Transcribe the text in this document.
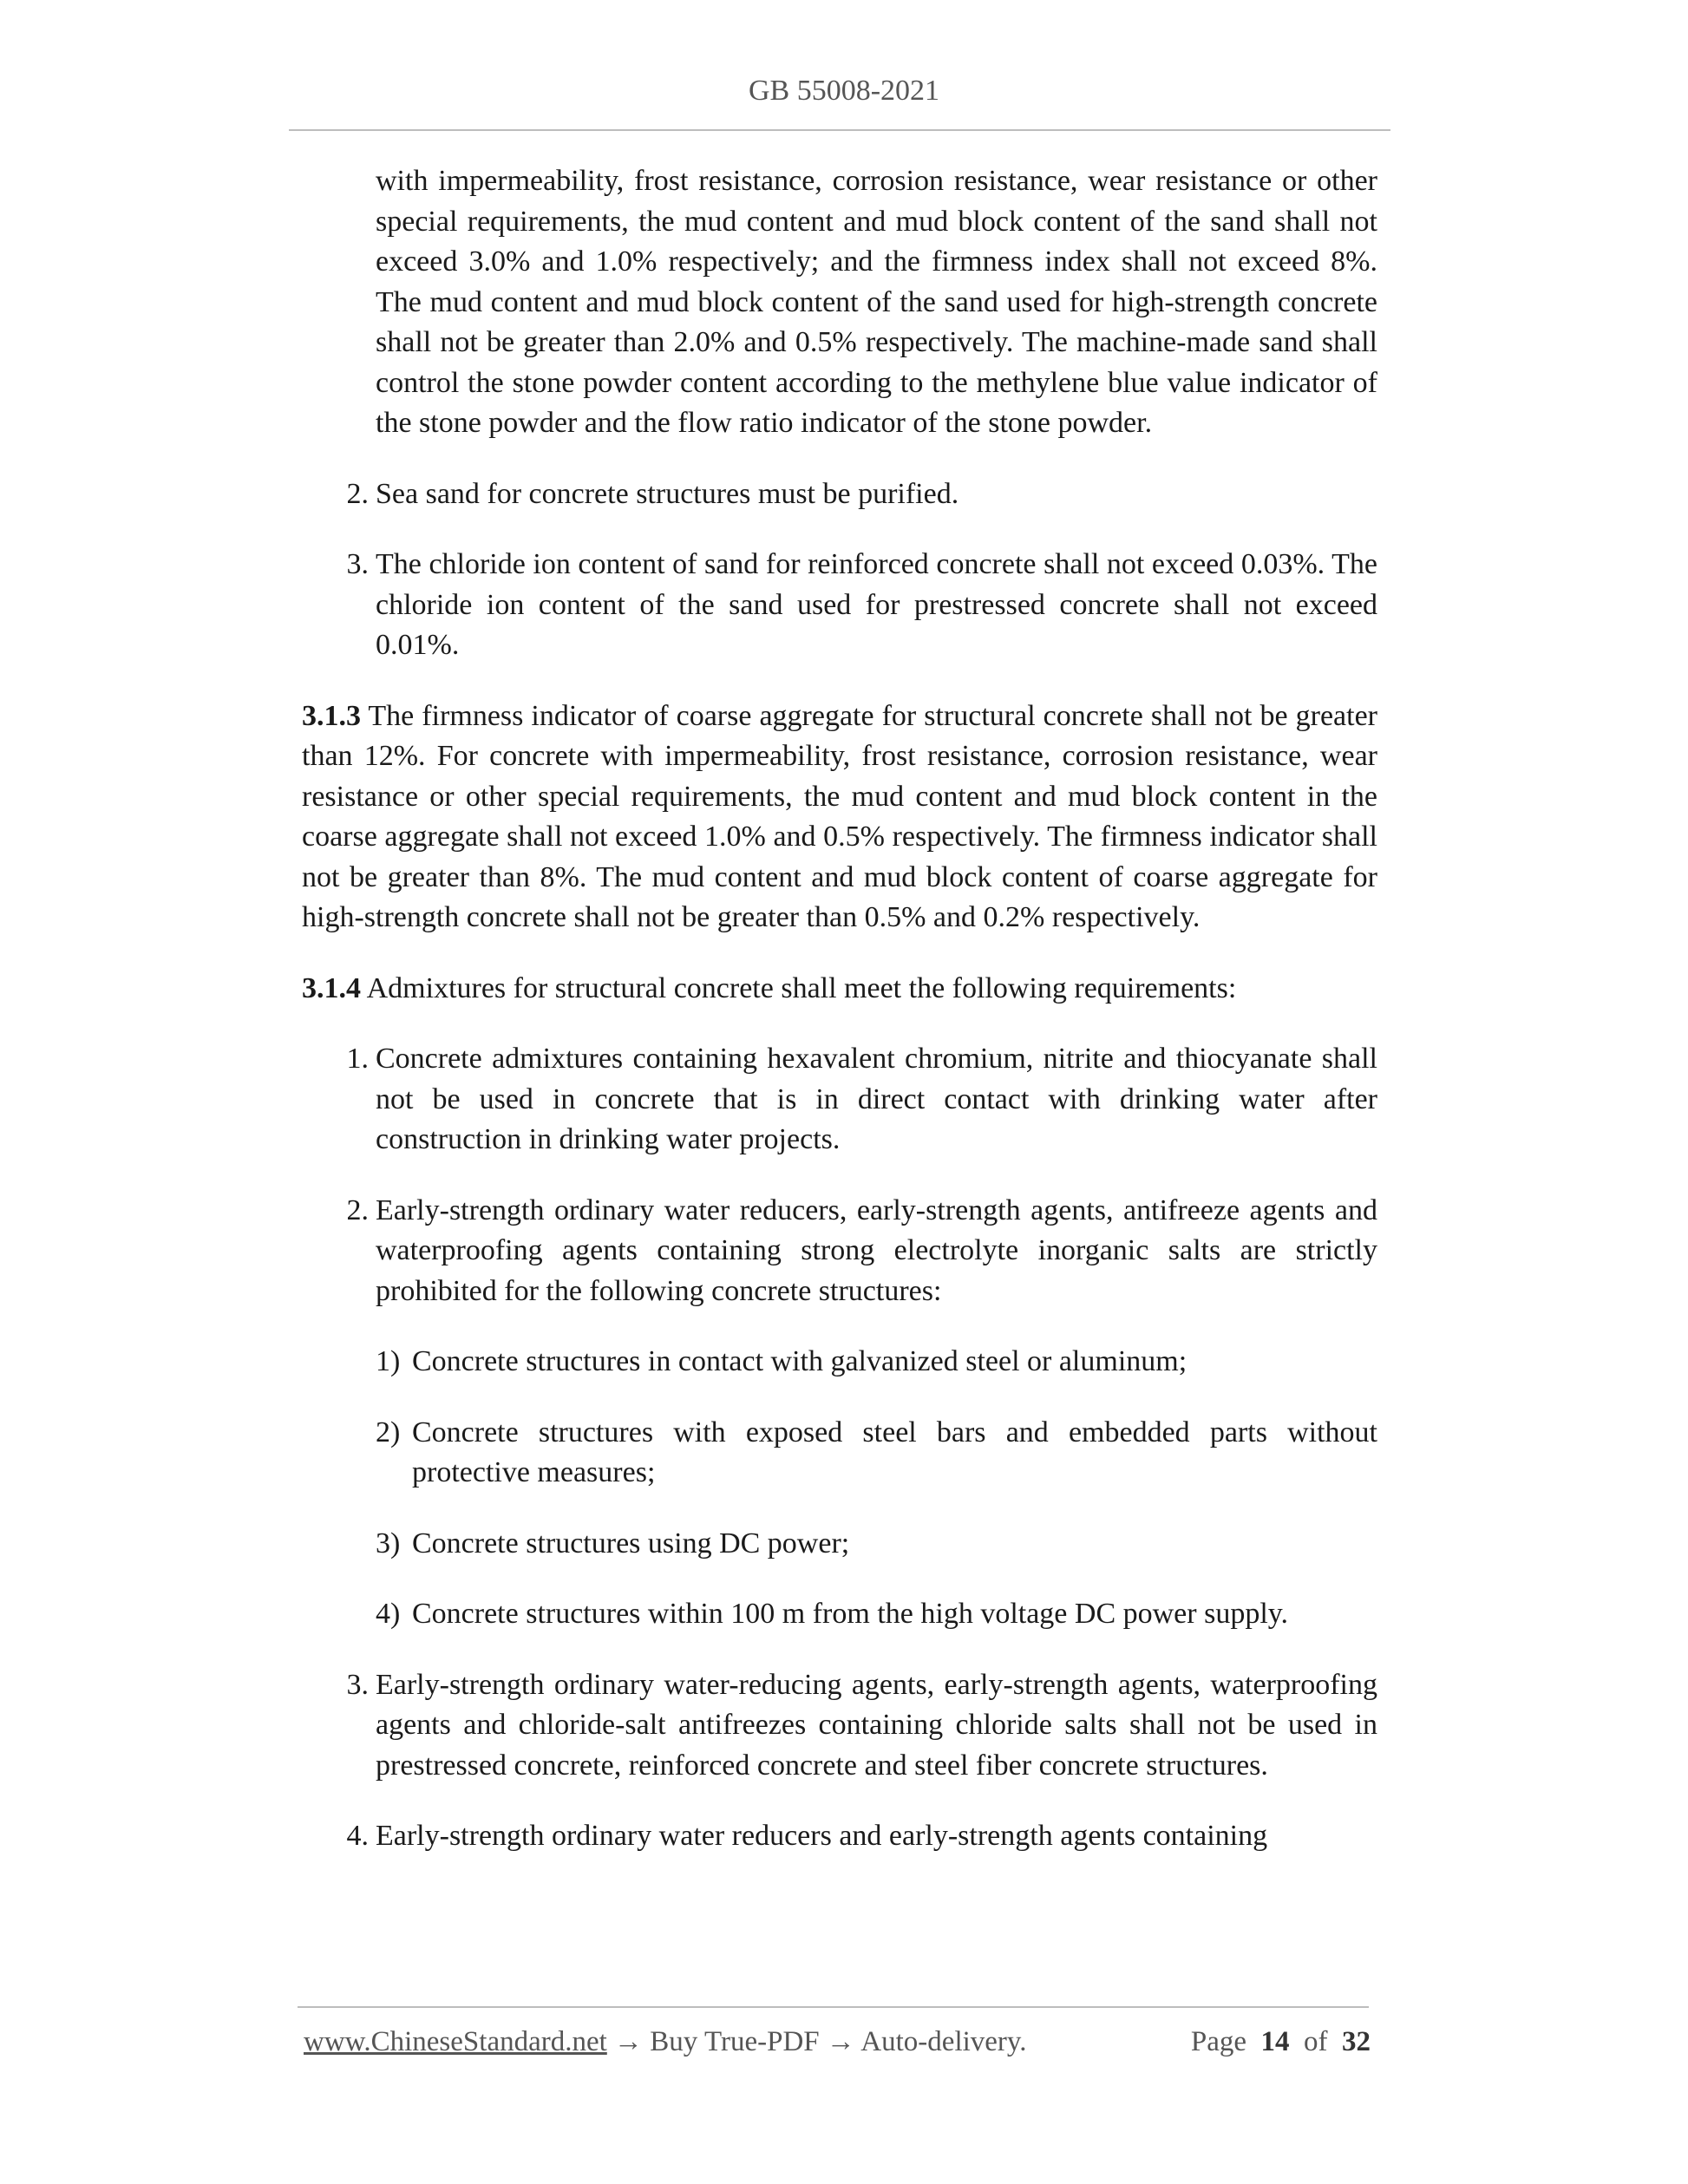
GB 55008-2021

with impermeability, frost resistance, corrosion resistance, wear resistance or other special requirements, the mud content and mud block content of the sand shall not exceed 3.0% and 1.0% respectively; and the firmness index shall not exceed 8%. The mud content and mud block content of the sand used for high-strength concrete shall not be greater than 2.0% and 0.5% respectively. The machine-made sand shall control the stone powder content according to the methylene blue value indicator of the stone powder and the flow ratio indicator of the stone powder.

2. Sea sand for concrete structures must be purified.
3. The chloride ion content of sand for reinforced concrete shall not exceed 0.03%. The chloride ion content of the sand used for prestressed concrete shall not exceed 0.01%.

3.1.3 The firmness indicator of coarse aggregate for structural concrete shall not be greater than 12%. For concrete with impermeability, frost resistance, corrosion resistance, wear resistance or other special requirements, the mud content and mud block content in the coarse aggregate shall not exceed 1.0% and 0.5% respectively. The firmness indicator shall not be greater than 8%. The mud content and mud block content of coarse aggregate for high-strength concrete shall not be greater than 0.5% and 0.2% respectively.

3.1.4 Admixtures for structural concrete shall meet the following requirements:

1. Concrete admixtures containing hexavalent chromium, nitrite and thiocyanate shall not be used in concrete that is in direct contact with drinking water after construction in drinking water projects.
2. Early-strength ordinary water reducers, early-strength agents, antifreeze agents and waterproofing agents containing strong electrolyte inorganic salts are strictly prohibited for the following concrete structures:
1) Concrete structures in contact with galvanized steel or aluminum;
2) Concrete structures with exposed steel bars and embedded parts without protective measures;
3) Concrete structures using DC power;
4) Concrete structures within 100 m from the high voltage DC power supply.
3. Early-strength ordinary water-reducing agents, early-strength agents, waterproofing agents and chloride-salt antifreezes containing chloride salts shall not be used in prestressed concrete, reinforced concrete and steel fiber concrete structures.
4. Early-strength ordinary water reducers and early-strength agents containing
www.ChineseStandard.net → Buy True-PDF → Auto-delivery.	Page 14 of 32
